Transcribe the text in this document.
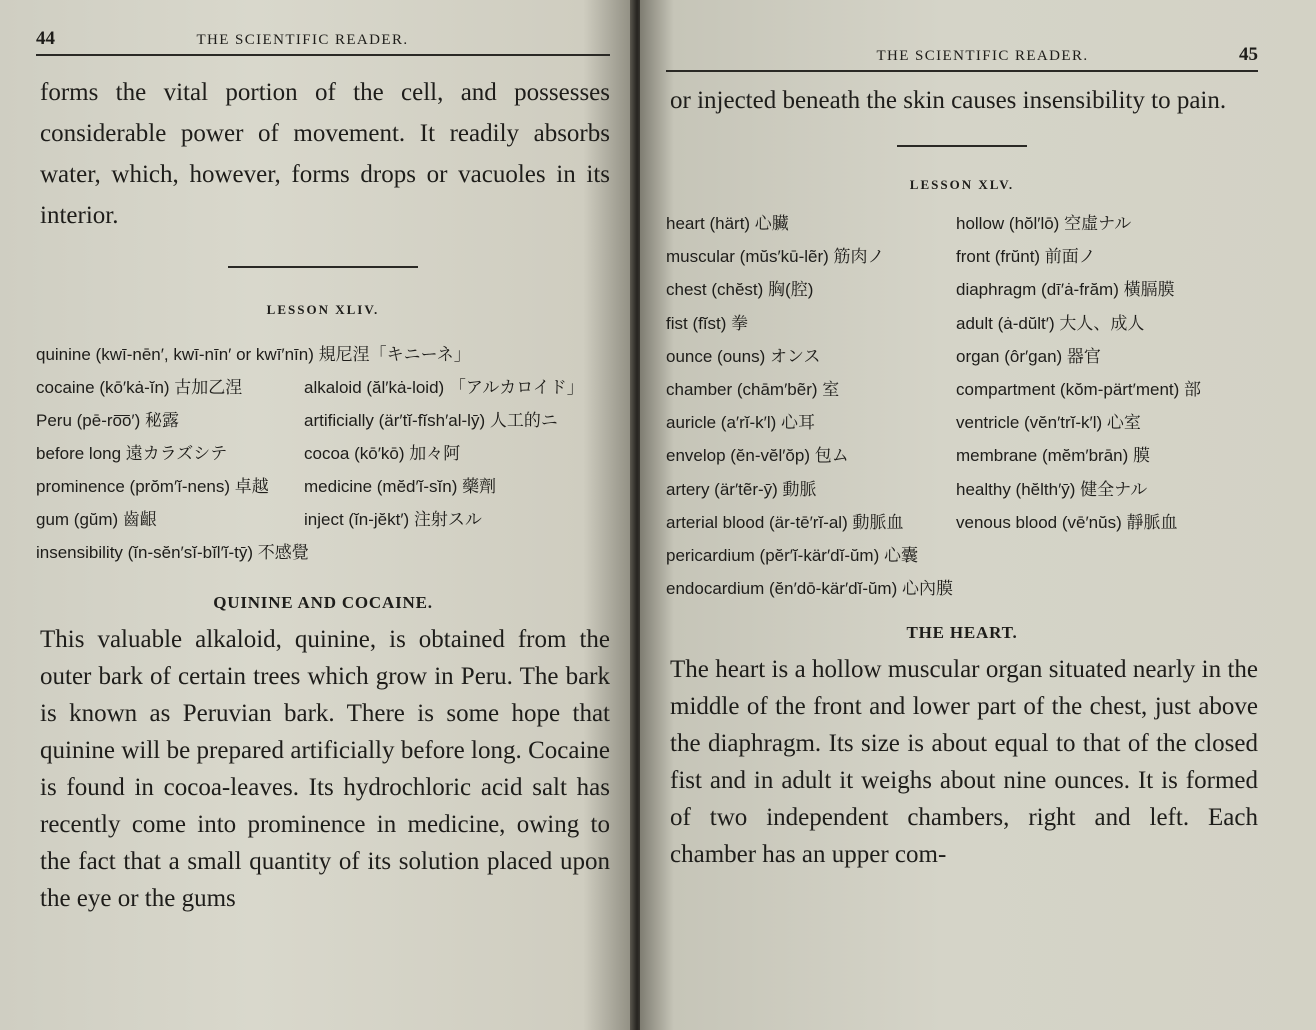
44	THE SCIENTIFIC READER.

forms the vital portion of the cell, and possesses considerable power of movement. It readily absorbs water, which, however, forms drops or vacuoles in its interior.

LESSON XLIV.
quinine (kwī-nēn′, kwī-nīn′ or kwī′nīn) 規尼涅「キニーネ」
cocaine (kō′kȧ-ĭn) 古加乙涅	alkaloid (ăl′kȧ-loid) 「アルカロイド」
Peru (pē-ro͞o′) 秘露	artificially (är′tĭ-fĭsh′al-lȳ) 人工的ニ
before long 遠カラズシテ	cocoa (kō′kō) 加々阿
prominence (prŏm′ĭ-nens) 卓越	medicine (mĕd′ĭ-sĭn) 藥劑
gum (gŭm) 齒齦	inject (ĭn-jĕkt′) 注射スル
insensibility (ĭn-sĕn′sĭ-bĭl′ĭ-tȳ) 不感覺
QUININE AND COCAINE.

This valuable alkaloid, quinine, is obtained from the outer bark of certain trees which grow in Peru. The bark is known as Peruvian bark. There is some hope that quinine will be prepared artificially before long. Cocaine is found in cocoa-leaves. Its hydrochloric acid salt has recently come into prominence in medicine, owing to the fact that a small quantity of its solution placed upon the eye or the gums

THE SCIENTIFIC READER.	45

or injected beneath the skin causes insensibility to pain.

LESSON XLV.
heart (härt) 心臟	hollow (hŏl′lō) 空虛ナル
muscular (mŭs′kū-lẽr) 筋肉ノ	front (frŭnt) 前面ノ
chest (chĕst) 胸(腔)	diaphragm (dī′ȧ-frăm) 橫膈膜
fist (fĭst) 拳	adult (ȧ-dŭlt′) 大人、成人
ounce (ouns) オンス	organ (ôr′gan) 器官
chamber (chām′bẽr) 室	compartment (kŏm-pärt′ment) 部
auricle (a′rĭ-k′l) 心耳	ventricle (vĕn′trĭ-k′l) 心室
envelop (ĕn-vĕl′ŏp) 包ム	membrane (mĕm′brān) 膜
artery (är′tẽr-ȳ) 動脈	healthy (hĕlth′ȳ) 健全ナル
arterial blood (är-tē′rĭ-al) 動脈血	venous blood (vē′nŭs) 靜脈血
pericardium (pĕr′ĭ-kär′dĭ-ŭm) 心囊
endocardium (ĕn′dō-kär′dĭ-ŭm) 心內膜
THE HEART.

The heart is a hollow muscular organ situated nearly in the middle of the front and lower part of the chest, just above the diaphragm. Its size is about equal to that of the closed fist and in adult it weighs about nine ounces. It is formed of two independent chambers, right and left. Each chamber has an upper com-
